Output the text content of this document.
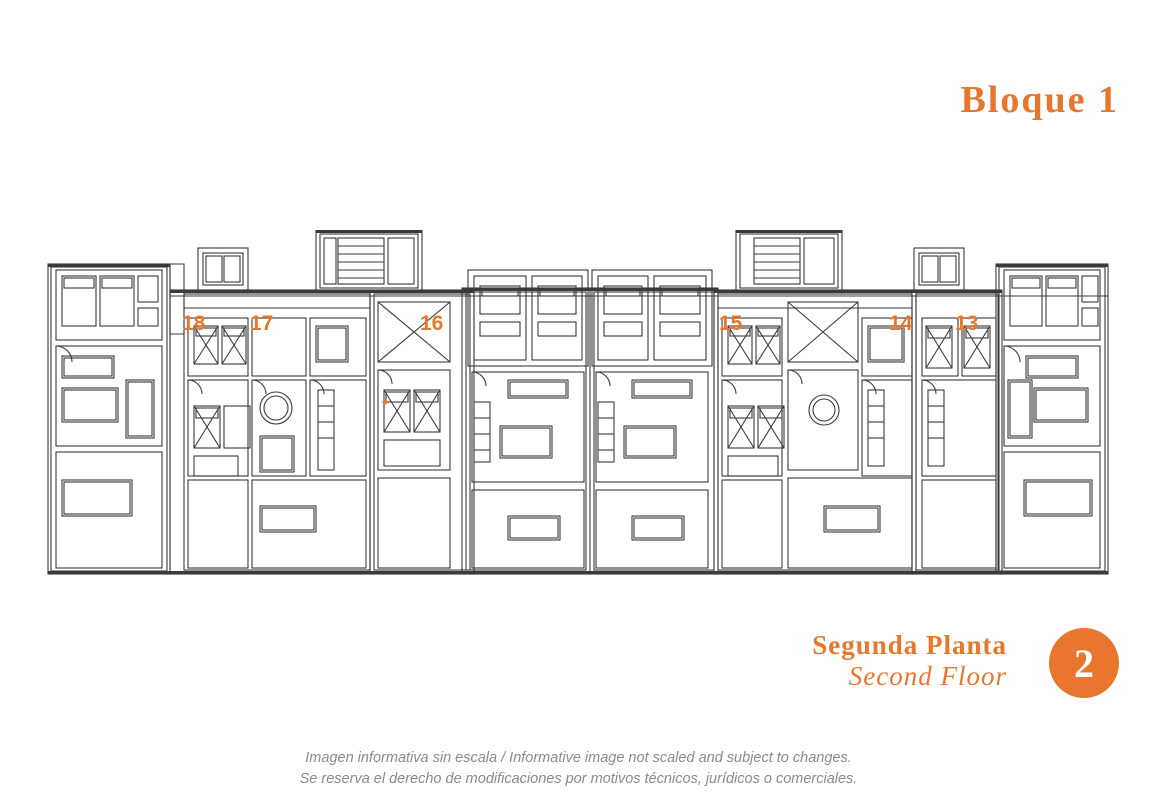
Bloque 1
18 17	16	15	14 13
Segunda Planta
Second Floor	2
Imagen informativa sin escala / Informative image not scaled and subject to changes.
Se reserva el derecho de modificaciones por motivos técnicos, jurídicos o comerciales.
